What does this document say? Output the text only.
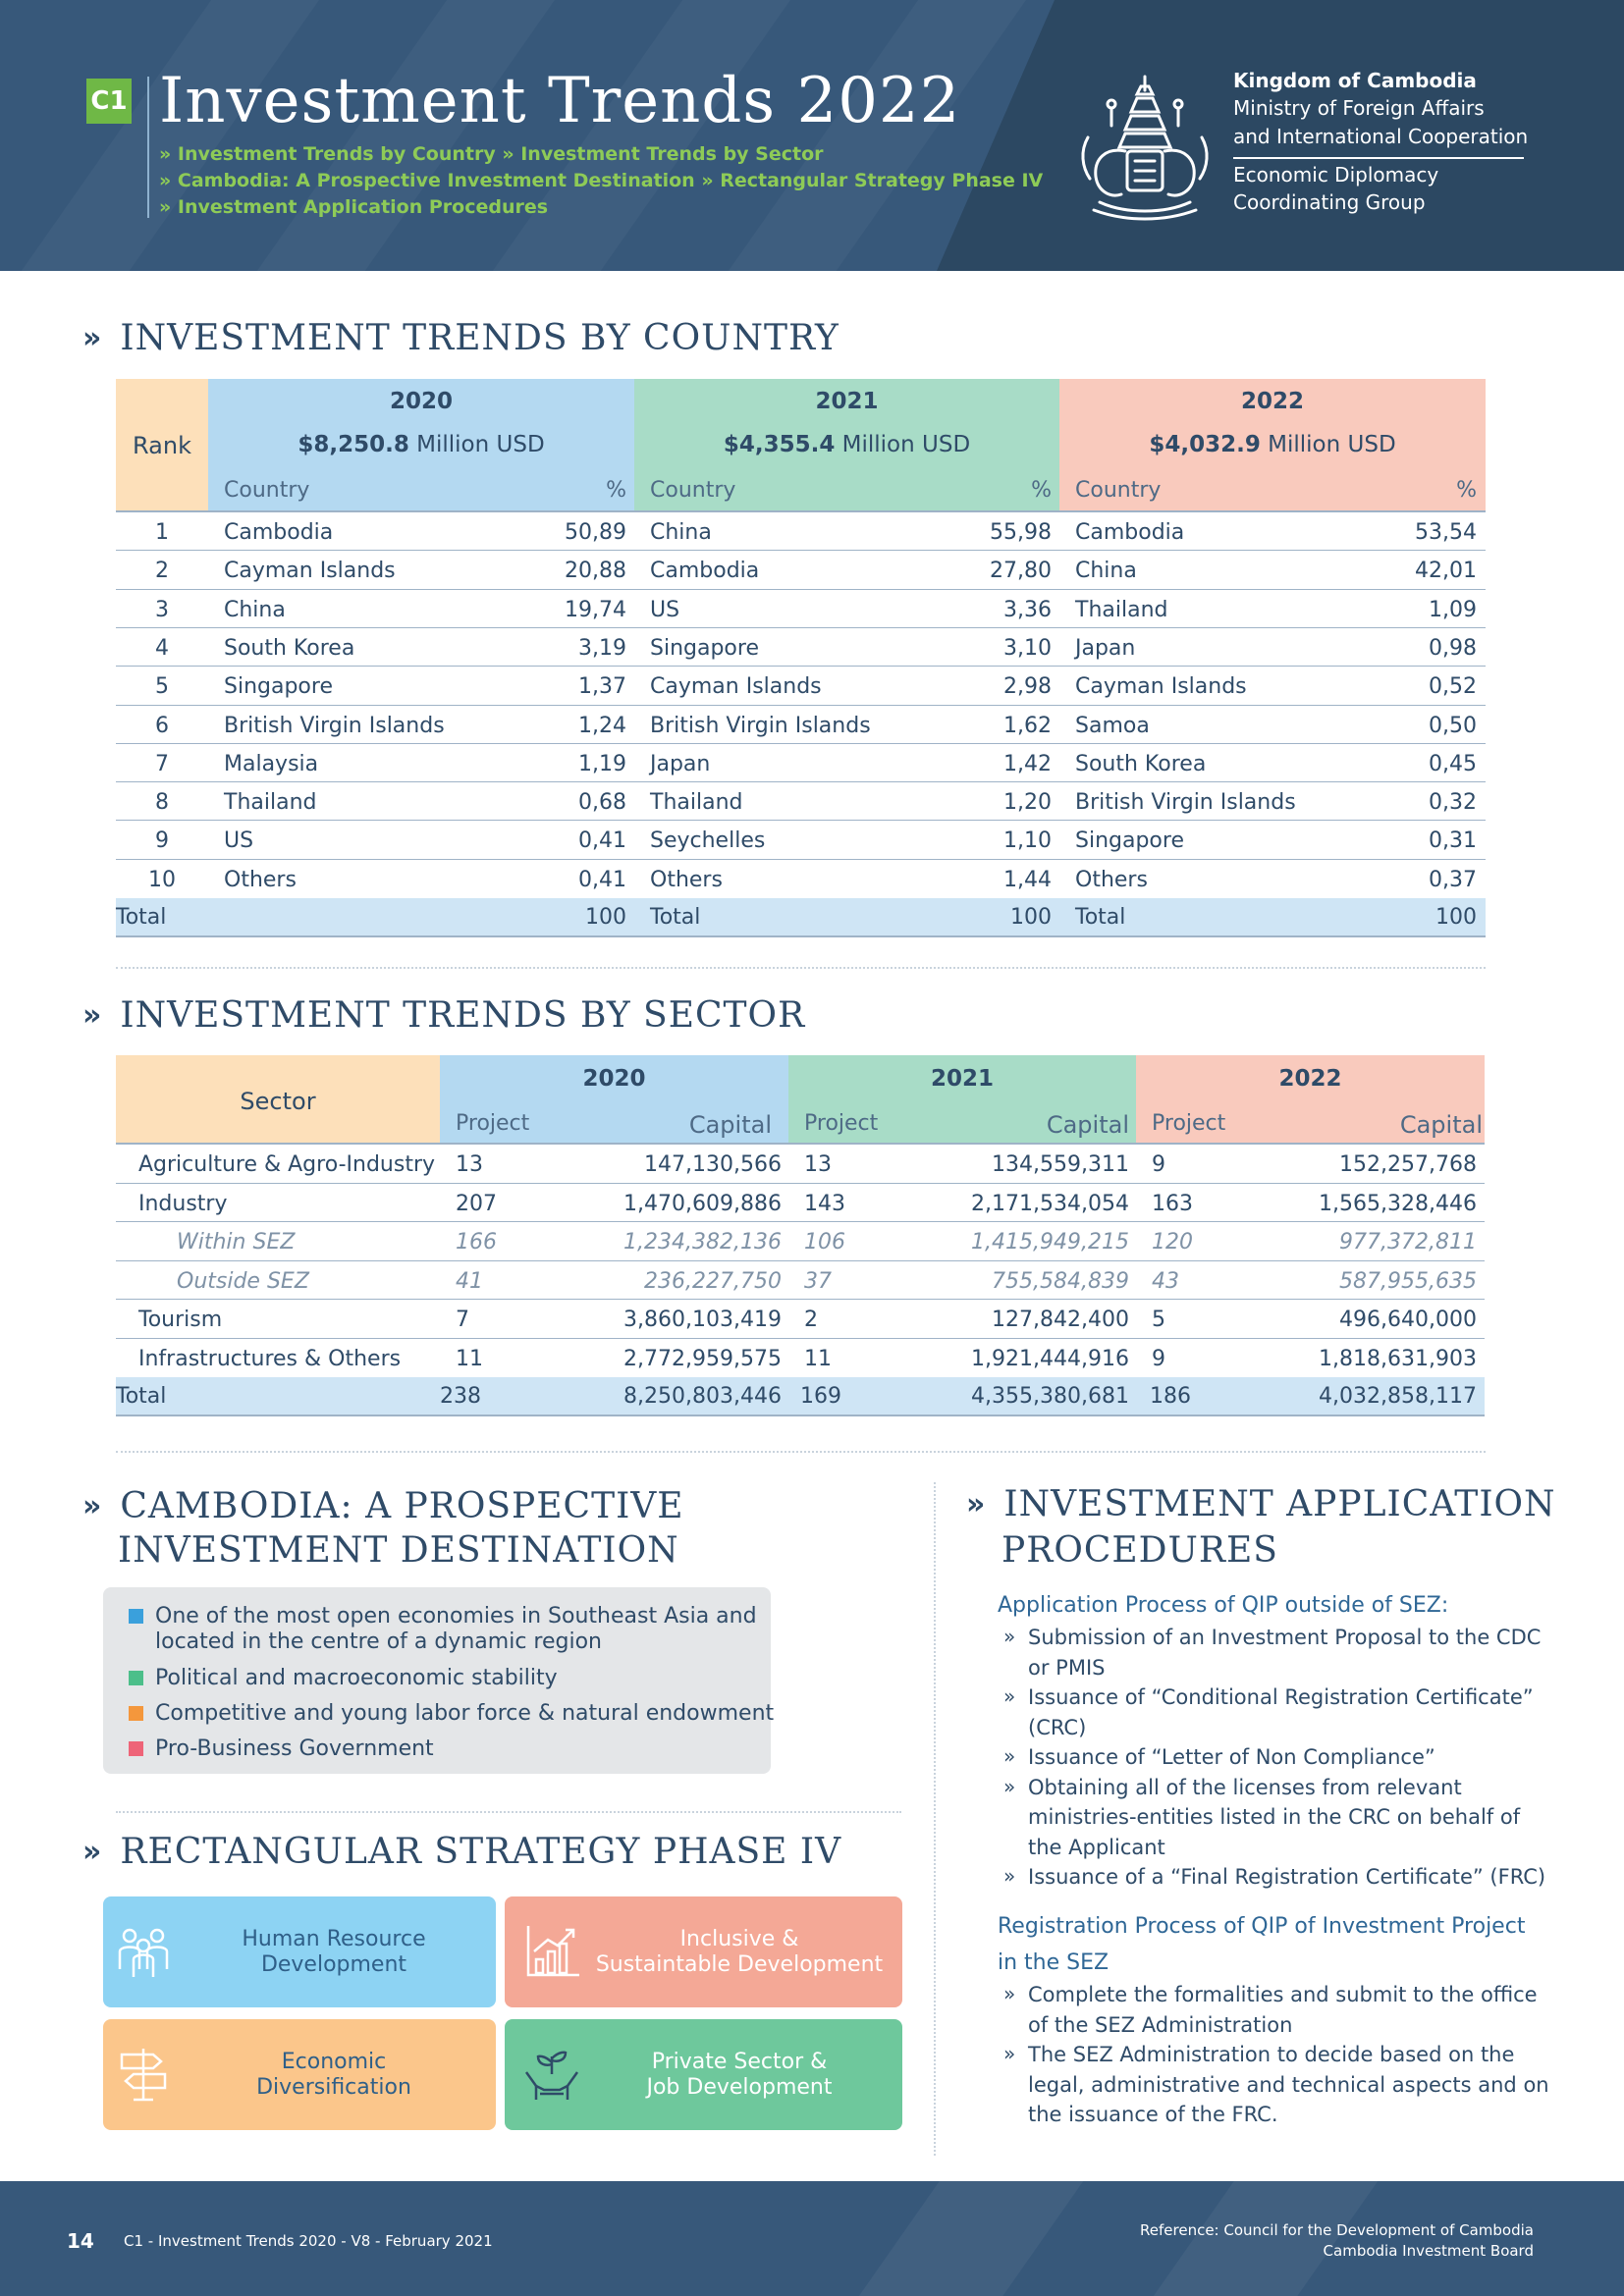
C1 Investment Trends 2022
» Investment Trends by Country » Investment Trends by Sector
» Cambodia: A Prospective Investment Destination » Rectangular Strategy Phase IV
» Investment Application Procedures
Kingdom of Cambodia
Ministry of Foreign Affairs
and International Cooperation
Economic Diplomacy
Coordinating Group
» INVESTMENT TRENDS BY COUNTRY
Rank
2020
$8,250.8 Million USD
2021
$4,355.4 Million USD
2022
$4,032.9 Million USD
Country	% Country	% Country	%
1	Cambodia	50,89 China	55,98 Cambodia	53,54
2	Cayman Islands	20,88 Cambodia	27,80 China	42,01
3	China	19,74 US	3,36 Thailand	1,09
4	South Korea	3,19 Singapore	3,10 Japan	0,98
5	Singapore	1,37 Cayman Islands	2,98 Cayman Islands	0,52
6	British Virgin Islands	1,24 British Virgin Islands	1,62 Samoa	0,50
7	Malaysia	1,19 Japan	1,42 South Korea	0,45
8	Thailand	0,68 Thailand	1,20 British Virgin Islands	0,32
9	US	0,41 Seychelles	1,10 Singapore	0,31
10	Others	0,41 Others	1,44 Others	0,37
Total	100 Total	100 Total	100
» INVESTMENT TRENDS BY SECTOR
Sector
2020	2021	2022
Project	Capital Project	Capital Project	Capital
Agriculture & Agro-Industry 13	147,130,566 13	134,559,311 9	152,257,768
Industry	207	1,470,609,886 143	2,171,534,054 163	1,565,328,446
Within SEZ	166	1,234,382,136 106	1,415,949,215 120	977,372,811
Outside SEZ	41	236,227,750 37	755,584,839 43	587,955,635
Tourism	7	3,860,103,419 2	127,842,400 5	496,640,000
Infrastructures & Others	11	2,772,959,575 11	1,921,444,916 9	1,818,631,903
Total	238	8,250,803,446 169	4,355,380,681 186	4,032,858,117
» CAMBODIA: A PROSPECTIVE
INVESTMENT DESTINATION
One of the most open economies in Southeast Asia and
located in the centre of a dynamic region
Political and macroeconomic stability
Competitive and young labor force & natural endowment
Pro-Business Government
» RECTANGULAR STRATEGY PHASE IV
Human Resource
Development
Inclusive &
Sustaintable Development
Economic
Diversification
Private Sector &
Job Development
» INVESTMENT APPLICATION
PROCEDURES
Application Process of QIP outside of SEZ:
» Submission of an Investment Proposal to the CDC
or PMIS
» Issuance of “Conditional Registration Certificate”
(CRC)
» Issuance of “Letter of Non Compliance”
» Obtaining all of the licenses from relevant
ministries-entities listed in the CRC on behalf of
the Applicant
» Issuance of a “Final Registration Certificate” (FRC)
Registration Process of QIP of Investment Project
in the SEZ
» Complete the formalities and submit to the office
of the SEZ Administration
» The SEZ Administration to decide based on the
legal, administrative and technical aspects and on
the issuance of the FRC.
14 C1 - Investment Trends 2020 - V8 - February 2021
Reference: Council for the Development of Cambodia
Cambodia Investment Board
